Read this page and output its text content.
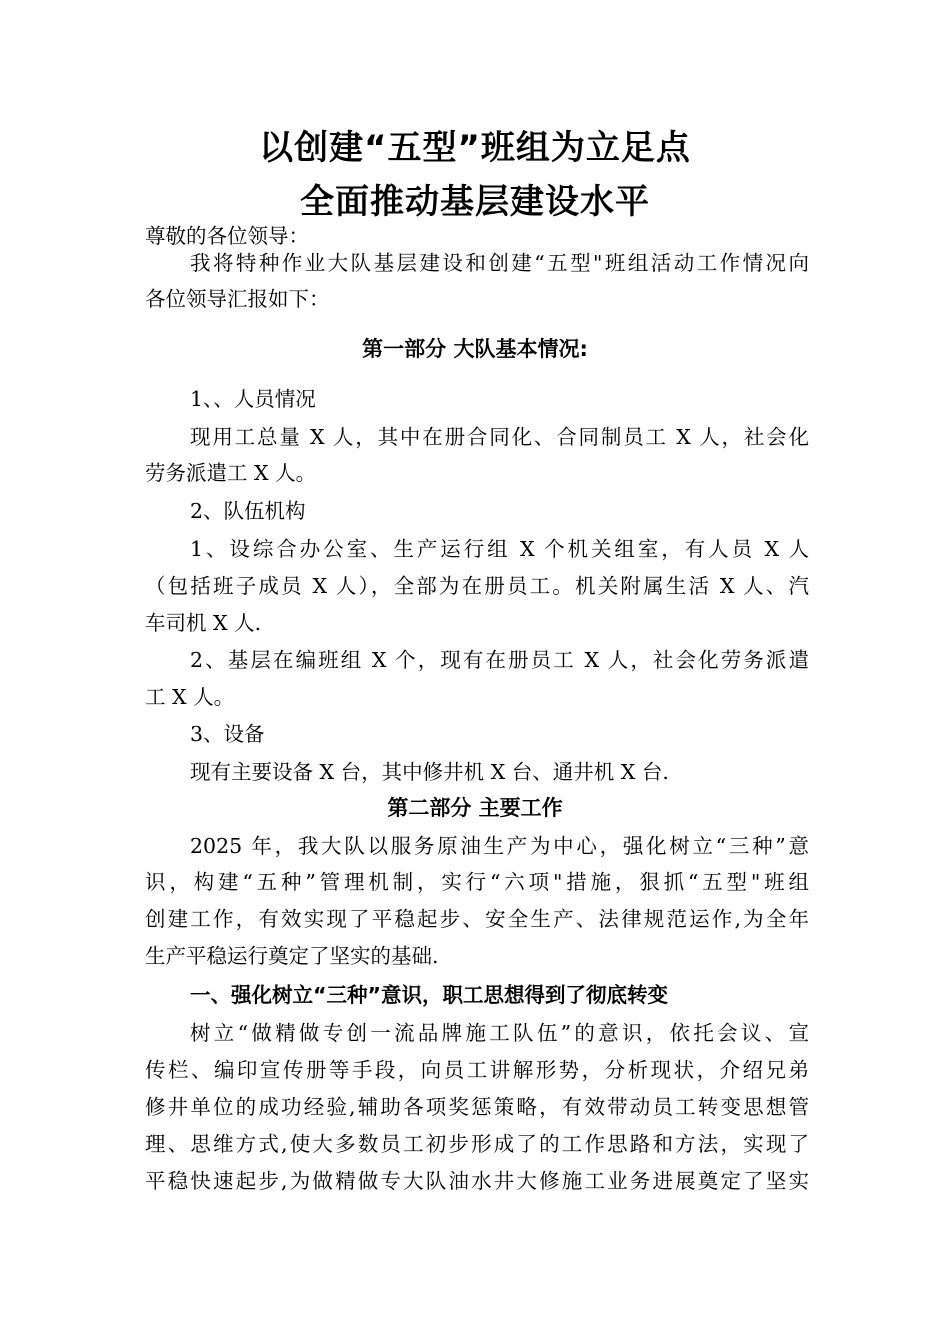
以创建“五型”班组为立足点
全面推动基层建设水平
尊敬的各位领导：
我将特种作业大队基层建设和创建“五型"班组活动工作情况向
各位领导汇报如下：
第一部分 大队基本情况:
1、、人员情况
现用工总量 X 人，其中在册合同化、合同制员工 X 人，社会化
劳务派遣工 X 人。
2、队伍机构
1、设综合办公室、生产运行组 X 个机关组室，有人员 X 人
（包括班子成员 X 人），全部为在册员工。机关附属生活 X 人、汽
车司机 X 人.
2、基层在编班组 X 个，现有在册员工 X 人，社会化劳务派遣
工 X 人。
3、设备
现有主要设备 X 台，其中修井机 X 台、通井机 X 台.
第二部分 主要工作
2025 年，我大队以服务原油生产为中心，强化树立“三种”意
识，构建“五种”管理机制，实行“六项"措施，狠抓“五型"班组
创建工作，有效实现了平稳起步、安全生产、法律规范运作,为全年
生产平稳运行奠定了坚实的基础.
一、强化树立“三种”意识，职工思想得到了彻底转变
树立“做精做专创一流品牌施工队伍”的意识，依托会议、宣
传栏、编印宣传册等手段，向员工讲解形势，分析现状，介绍兄弟
修井单位的成功经验,辅助各项奖惩策略，有效带动员工转变思想管
理、思维方式,使大多数员工初步形成了的工作思路和方法，实现了
平稳快速起步,为做精做专大队油水井大修施工业务进展奠定了坚实
